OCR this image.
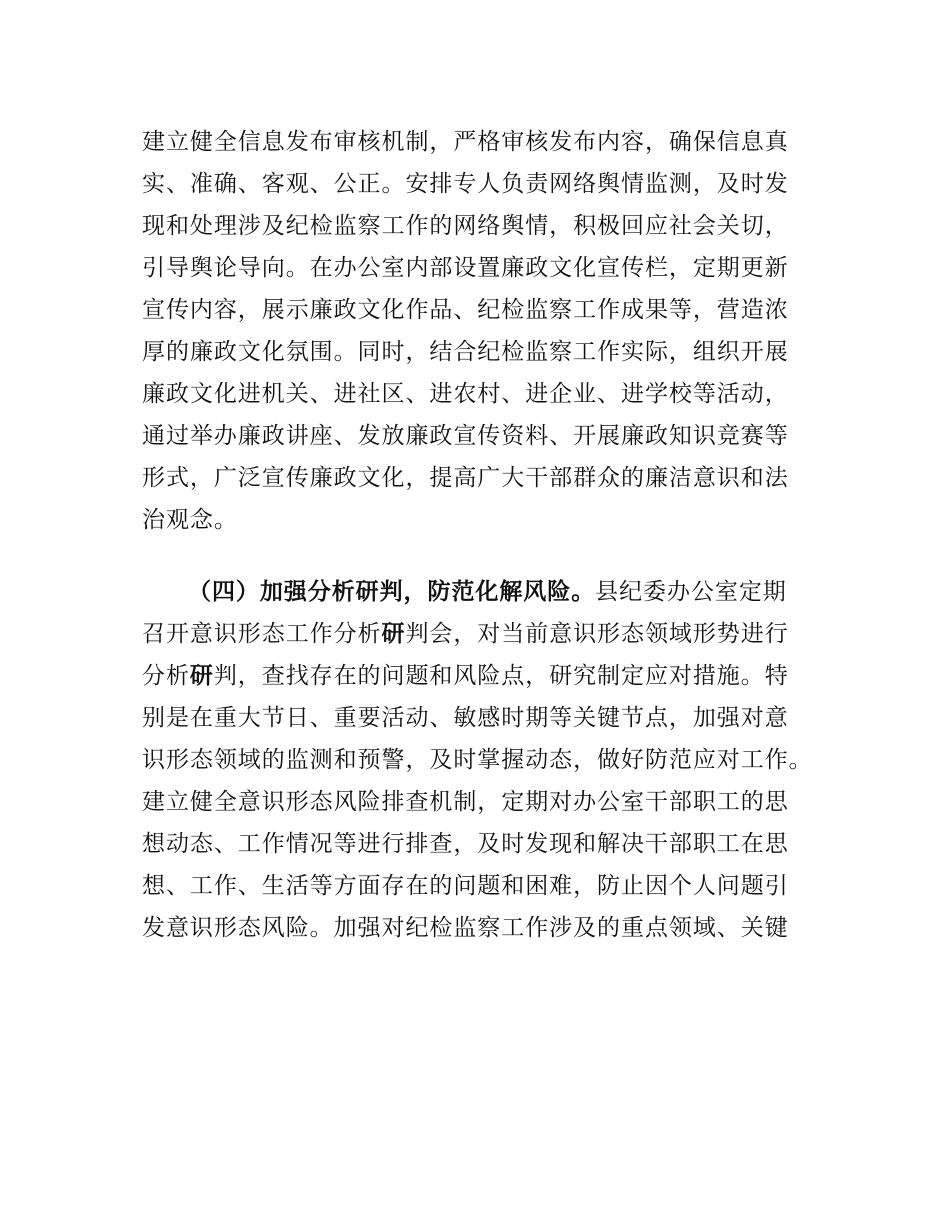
建立健全信息发布审核机制，严格审核发布内容，确保信息真
实、准确、客观、公正。安排专人负责网络舆情监测，及时发
现和处理涉及纪检监察工作的网络舆情，积极回应社会关切，
引导舆论导向。在办公室内部设置廉政文化宣传栏，定期更新
宣传内容，展示廉政文化作品、纪检监察工作成果等，营造浓
厚的廉政文化氛围。同时，结合纪检监察工作实际，组织开展
廉政文化进机关、进社区、进农村、进企业、进学校等活动，
通过举办廉政讲座、发放廉政宣传资料、开展廉政知识竞赛等
形式，广泛宣传廉政文化，提高广大干部群众的廉洁意识和法
治观念。
（四）加强分析研判，防范化解风险。县纪委办公室定期
召开意识形态工作分析研判会，对当前意识形态领域形势进行
分析研判，查找存在的问题和风险点，研究制定应对措施。特
别是在重大节日、重要活动、敏感时期等关键节点，加强对意
识形态领域的监测和预警，及时掌握动态，做好防范应对工作。
建立健全意识形态风险排查机制，定期对办公室干部职工的思
想动态、工作情况等进行排查，及时发现和解决干部职工在思
想、工作、生活等方面存在的问题和困难，防止因个人问题引
发意识形态风险。加强对纪检监察工作涉及的重点领域、关键
